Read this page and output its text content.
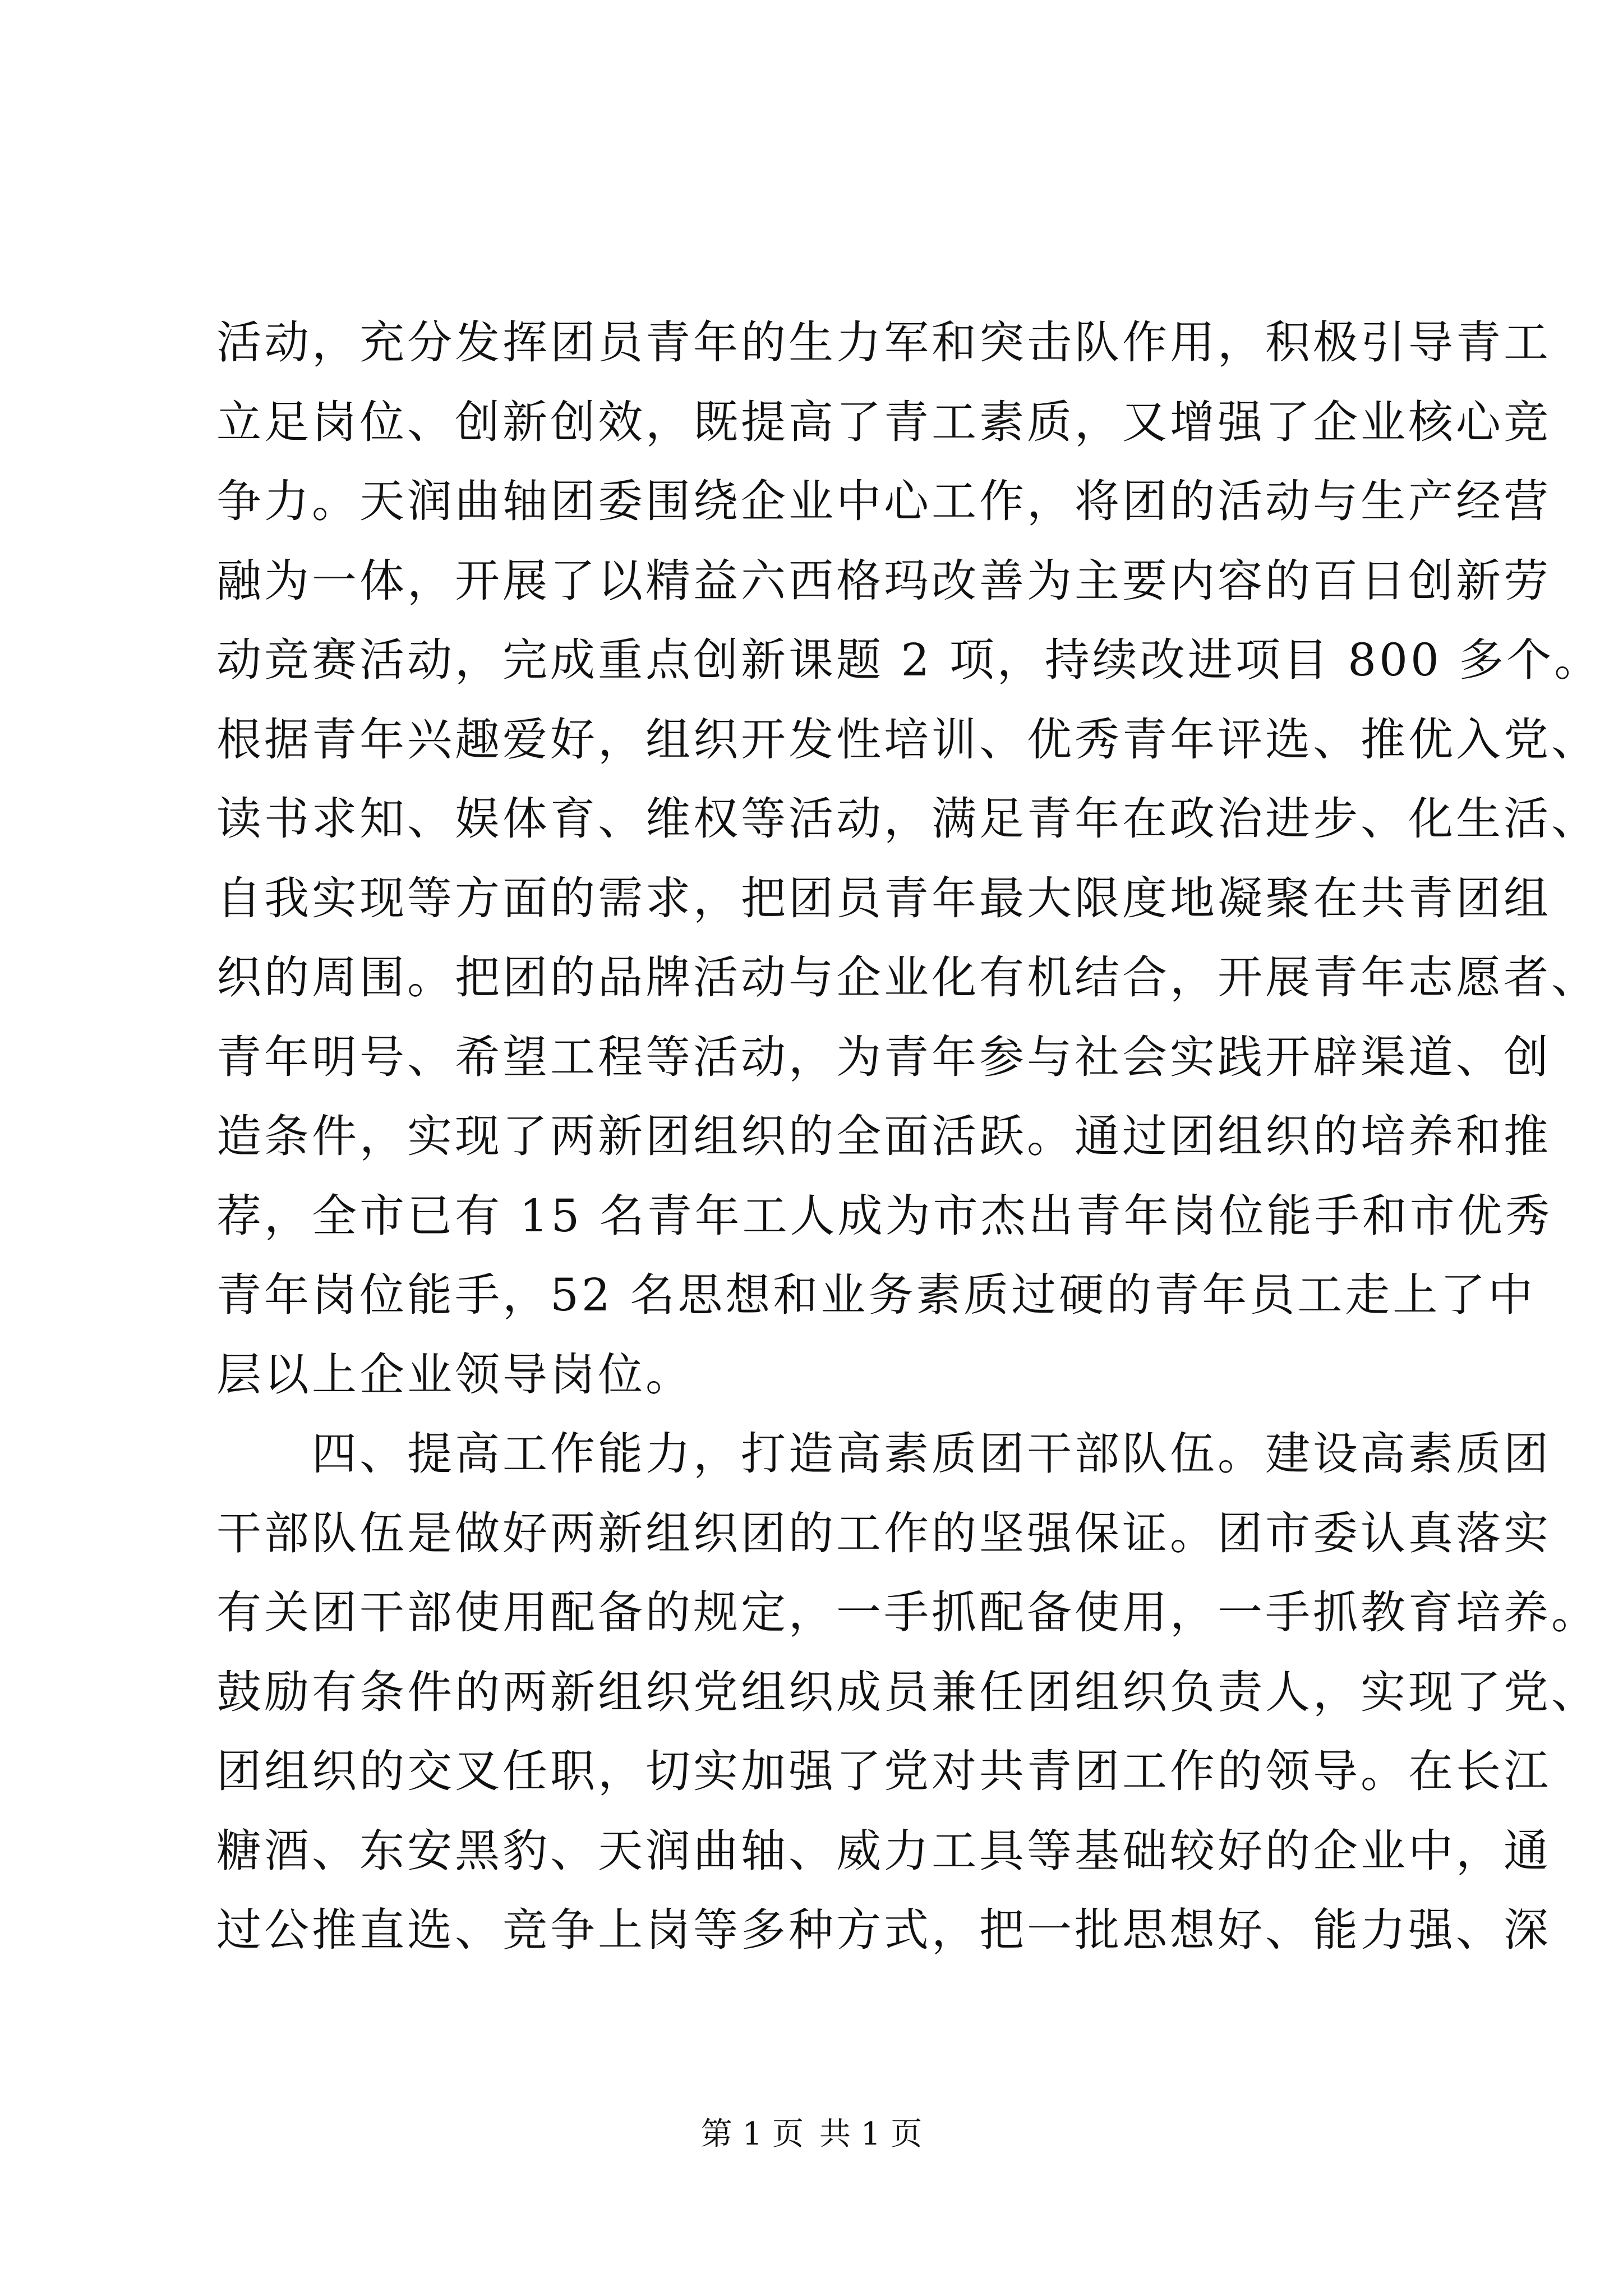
活动，充分发挥团员青年的生力军和突击队作用，积极引导青工
立足岗位、创新创效，既提高了青工素质，又增强了企业核心竞
争力。天润曲轴团委围绕企业中心工作，将团的活动与生产经营
融为一体，开展了以精益六西格玛改善为主要内容的百日创新劳
动竞赛活动，完成重点创新课题 2 项，持续改进项目 800 多个。
根据青年兴趣爱好，组织开发性培训、优秀青年评选、推优入党、
读书求知、娱体育、维权等活动，满足青年在政治进步、化生活、
自我实现等方面的需求，把团员青年最大限度地凝聚在共青团组
织的周围。把团的品牌活动与企业化有机结合，开展青年志愿者、
青年明号、希望工程等活动，为青年参与社会实践开辟渠道、创
造条件，实现了两新团组织的全面活跃。通过团组织的培养和推
荐，全市已有 15 名青年工人成为市杰出青年岗位能手和市优秀
青年岗位能手，52 名思想和业务素质过硬的青年员工走上了中
层以上企业领导岗位。
　　四、提高工作能力，打造高素质团干部队伍。建设高素质团
干部队伍是做好两新组织团的工作的坚强保证。团市委认真落实
有关团干部使用配备的规定，一手抓配备使用，一手抓教育培养。
鼓励有条件的两新组织党组织成员兼任团组织负责人，实现了党、
团组织的交叉任职，切实加强了党对共青团工作的领导。在长江
糖酒、东安黑豹、天润曲轴、威力工具等基础较好的企业中，通
过公推直选、竞争上岗等多种方式，把一批思想好、能力强、深
第 1 页 共 1 页
